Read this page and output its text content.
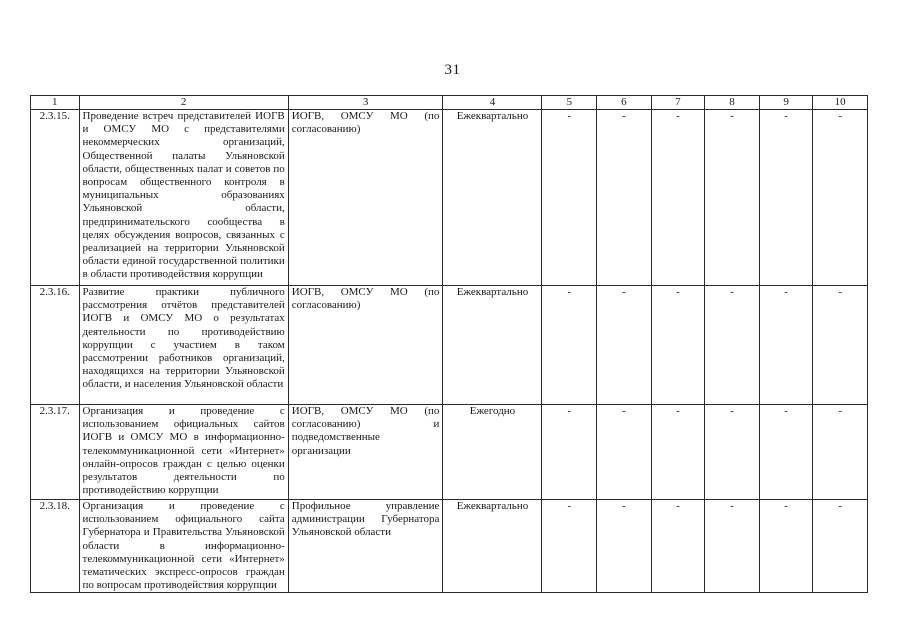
31
1	2	3	4	5	6	7	8	9	10
2.3.15.	Проведение встреч представителей ИОГВ и ОМСУ МО с представителями некоммерческих организаций, Общественной палаты Ульяновской области, общественных палат и советов по вопросам общественного контроля в муниципальных образованиях Ульяновской области, предпринимательского сообщества в целях обсуждения вопросов, связанных с реализацией на территории Ульяновской области единой государственной политики в области противодействия коррупции	ИОГВ, ОМСУ МО (по согласованию)	Ежеквартально	-	-	-	-	-	-
2.3.16.	Развитие практики публичного рассмотрения отчётов представителей ИОГВ и ОМСУ МО о результатах деятельности по противодействию коррупции с участием в таком рассмотрении работников организаций, находящихся на территории Ульяновской области, и населения Ульяновской области	ИОГВ, ОМСУ МО (по согласованию)	Ежеквартально	-	-	-	-	-	-
2.3.17.	Организация и проведение с использованием официальных сайтов ИОГВ и ОМСУ МО в информационно-телекоммуникационной сети «Интернет» онлайн-опросов граждан с целью оценки результатов деятельности по противодействию коррупции	ИОГВ, ОМСУ МО (по согласованию) и подведомственные организации	Ежегодно	-	-	-	-	-	-
2.3.18.	Организация и проведение с использованием официального сайта Губернатора и Правительства Ульяновской области в информационно-телекоммуникационной сети «Интернет» тематических экспресс-опросов граждан по вопросам противодействия коррупции	Профильное управление администрации Губернатора Ульяновской области	Ежеквартально	-	-	-	-	-	-
